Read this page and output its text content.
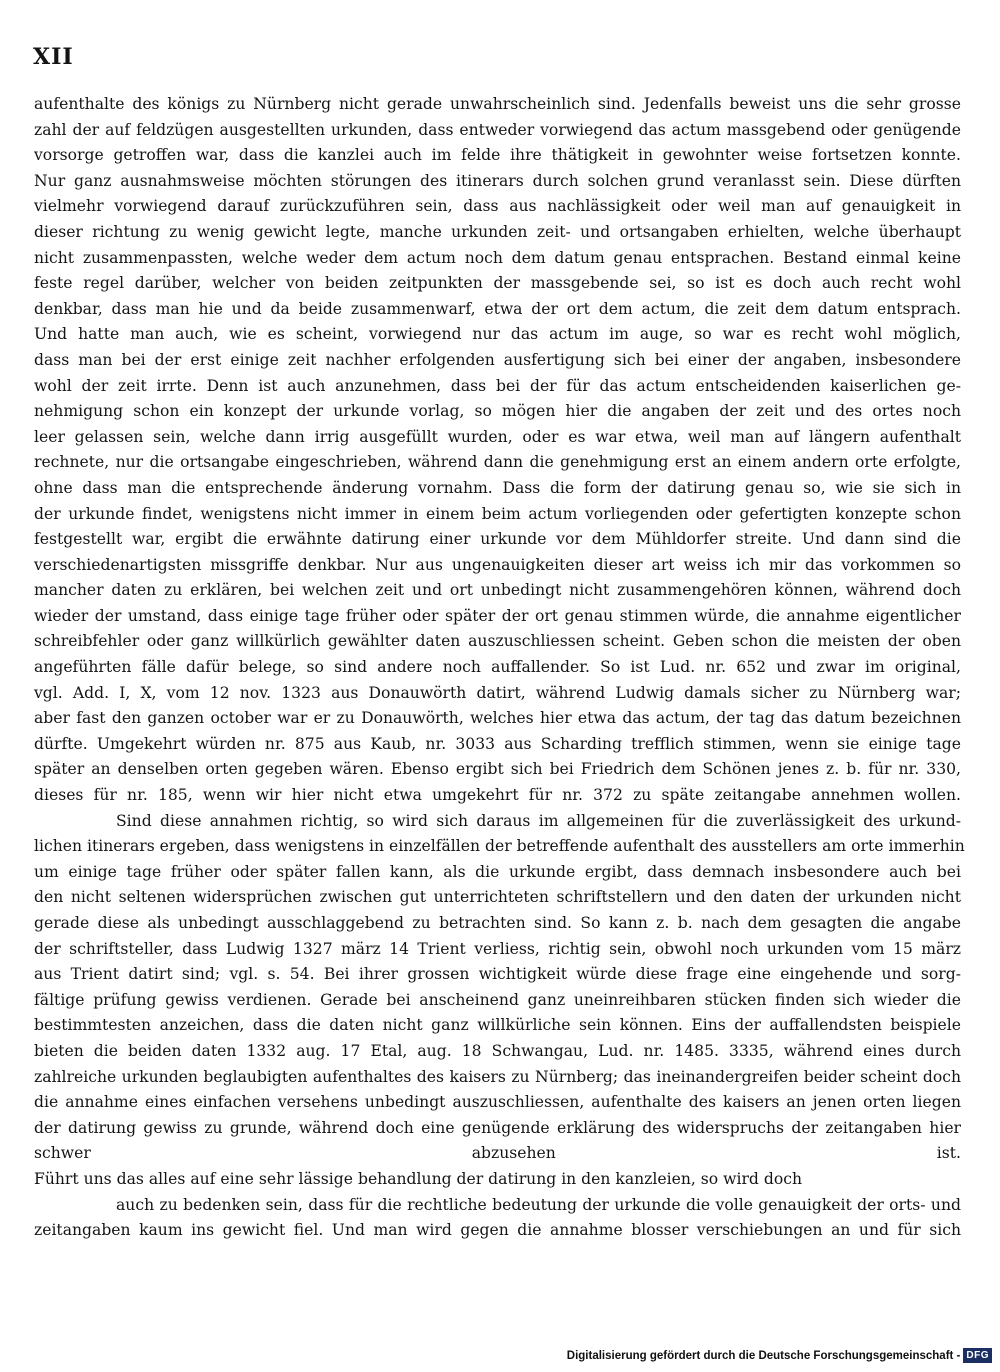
XII
aufenthalte des königs zu Nürnberg nicht gerade unwahrscheinlich sind. Jedenfalls beweist uns die sehr grosse
zahl der auf feldzügen ausgestellten urkunden, dass entweder vorwiegend das actum massgebend oder genügende
vorsorge getroffen war, dass die kanzlei auch im felde ihre thätigkeit in gewohnter weise fortsetzen konnte.
Nur ganz ausnahmsweise möchten störungen des itinerars durch solchen grund veranlasst sein. Diese dürften
vielmehr vorwiegend darauf zurückzuführen sein, dass aus nachlässigkeit oder weil man auf genauigkeit in
dieser richtung zu wenig gewicht legte, manche urkunden zeit- und ortsangaben erhielten, welche überhaupt
nicht zusammenpassten, welche weder dem actum noch dem datum genau entsprachen. Bestand einmal keine
feste regel darüber, welcher von beiden zeitpunkten der massgebende sei, so ist es doch auch recht wohl
denkbar, dass man hie und da beide zusammenwarf, etwa der ort dem actum, die zeit dem datum entsprach.
Und hatte man auch, wie es scheint, vorwiegend nur das actum im auge, so war es recht wohl möglich,
dass man bei der erst einige zeit nachher erfolgenden ausfertigung sich bei einer der angaben, insbesondere
wohl der zeit irrte. Denn ist auch anzunehmen, dass bei der für das actum entscheidenden kaiserlichen ge-
nehmigung schon ein konzept der urkunde vorlag, so mögen hier die angaben der zeit und des ortes noch
leer gelassen sein, welche dann irrig ausgefüllt wurden, oder es war etwa, weil man auf längern aufenthalt
rechnete, nur die ortsangabe eingeschrieben, während dann die genehmigung erst an einem andern orte erfolgte,
ohne dass man die entsprechende änderung vornahm. Dass die form der datirung genau so, wie sie sich in
der urkunde findet, wenigstens nicht immer in einem beim actum vorliegenden oder gefertigten konzepte schon
festgestellt war, ergibt die erwähnte datirung einer urkunde vor dem Mühldorfer streite. Und dann sind die
verschiedenartigsten missgriffe denkbar. Nur aus ungenauigkeiten dieser art weiss ich mir das vorkommen so
mancher daten zu erklären, bei welchen zeit und ort unbedingt nicht zusammengehören können, während doch
wieder der umstand, dass einige tage früher oder später der ort genau stimmen würde, die annahme eigentlicher
schreibfehler oder ganz willkürlich gewählter daten auszuschliessen scheint. Geben schon die meisten der oben
angeführten fälle dafür belege, so sind andere noch auffallender. So ist Lud. nr. 652 und zwar im original,
vgl. Add. I, X, vom 12 nov. 1323 aus Donauwörth datirt, während Ludwig damals sicher zu Nürnberg war;
aber fast den ganzen october war er zu Donauwörth, welches hier etwa das actum, der tag das datum bezeichnen
dürfte. Umgekehrt würden nr. 875 aus Kaub, nr. 3033 aus Scharding trefflich stimmen, wenn sie einige tage
später an denselben orten gegeben wären. Ebenso ergibt sich bei Friedrich dem Schönen jenes z. b. für nr. 330,
dieses für nr. 185, wenn wir hier nicht etwa umgekehrt für nr. 372 zu späte zeitangabe annehmen wollen.
Sind diese annahmen richtig, so wird sich daraus im allgemeinen für die zuverlässigkeit des urkund-
lichen itinerars ergeben, dass wenigstens in einzelfällen der betreffende aufenthalt des ausstellers am orte immerhin
um einige tage früher oder später fallen kann, als die urkunde ergibt, dass demnach insbesondere auch bei
den nicht seltenen widersprüchen zwischen gut unterrichteten schriftstellern und den daten der urkunden nicht
gerade diese als unbedingt ausschlaggebend zu betrachten sind. So kann z. b. nach dem gesagten die angabe
der schriftsteller, dass Ludwig 1327 märz 14 Trient verliess, richtig sein, obwohl noch urkunden vom 15 märz
aus Trient datirt sind; vgl. s. 54. Bei ihrer grossen wichtigkeit würde diese frage eine eingehende und sorg-
fältige prüfung gewiss verdienen. Gerade bei anscheinend ganz uneinreihbaren stücken finden sich wieder die
bestimmtesten anzeichen, dass die daten nicht ganz willkürliche sein können. Eins der auffallendsten beispiele
bieten die beiden daten 1332 aug. 17 Etal, aug. 18 Schwangau, Lud. nr. 1485. 3335, während eines durch
zahlreiche urkunden beglaubigten aufenthaltes des kaisers zu Nürnberg; das ineinandergreifen beider scheint doch
die annahme eines einfachen versehens unbedingt auszuschliessen, aufenthalte des kaisers an jenen orten liegen
der datirung gewiss zu grunde, während doch eine genügende erklärung des widerspruchs der zeitangaben hier
schwer abzusehen ist.
Führt uns das alles auf eine sehr lässige behandlung der datirung in den kanzleien, so wird doch
auch zu bedenken sein, dass für die rechtliche bedeutung der urkunde die volle genauigkeit der orts- und
zeitangaben kaum ins gewicht fiel. Und man wird gegen die annahme blosser verschiebungen an und für sich
Digitalisierung gefördert durch die Deutsche Forschungsgemeinschaft - DFG
